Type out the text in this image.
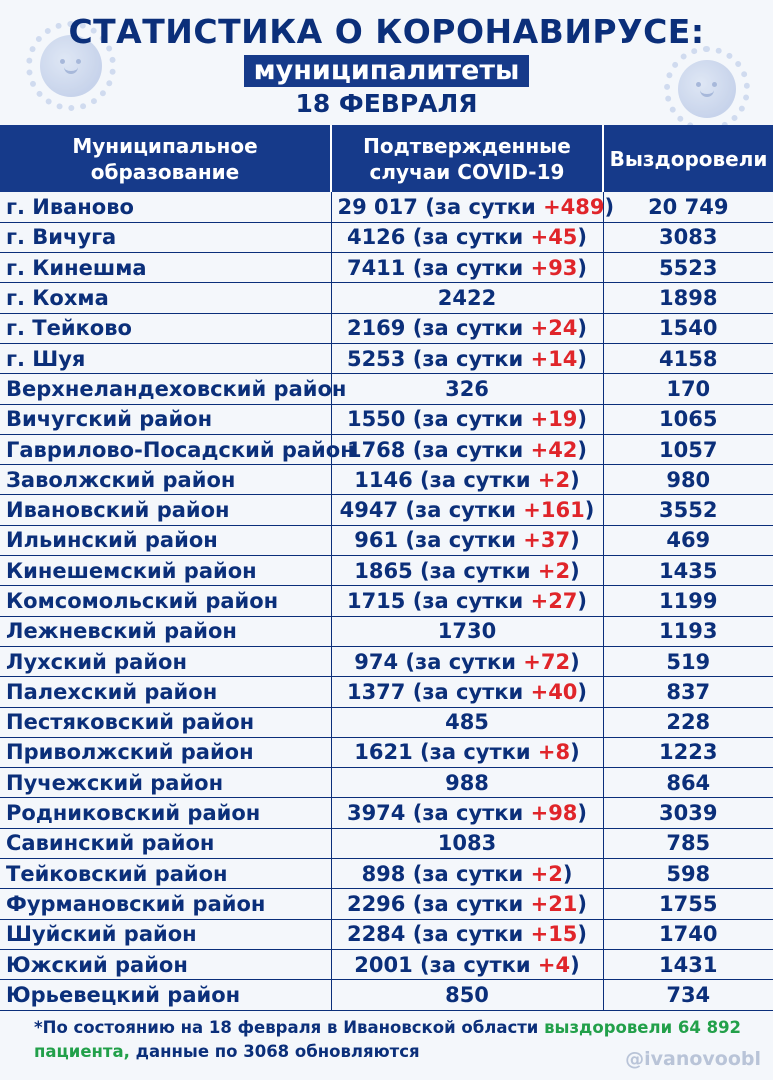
СТАТИСТИКА О КОРОНАВИРУСЕ:
муниципалитеты
18 ФЕВРАЛЯ
Муниципальное образование	Подтвержденные случаи COVID-19	Выздоровели
г. Иваново	29 017 (за сутки +489)	20 749
г. Вичуга	4126 (за сутки +45)	3083
г. Кинешма	7411 (за сутки +93)	5523
г. Кохма	2422	1898
г. Тейково	2169 (за сутки +24)	1540
г. Шуя	5253 (за сутки +14)	4158
Верхнеландеховский район	326	170
Вичугский район	1550 (за сутки +19)	1065
Гаврилово-Посадский район	1768 (за сутки +42)	1057
Заволжский район	1146 (за сутки +2)	980
Ивановский район	4947 (за сутки +161)	3552
Ильинский район	961 (за сутки +37)	469
Кинешемский район	1865 (за сутки +2)	1435
Комсомольский район	1715 (за сутки +27)	1199
Лежневский район	1730	1193
Лухский район	974 (за сутки +72)	519
Палехский район	1377 (за сутки +40)	837
Пестяковский район	485	228
Приволжский район	1621 (за сутки +8)	1223
Пучежский район	988	864
Родниковский район	3974 (за сутки +98)	3039
Савинский район	1083	785
Тейковский район	898 (за сутки +2)	598
Фурмановский район	2296 (за сутки +21)	1755
Шуйский район	2284 (за сутки +15)	1740
Южский район	2001 (за сутки +4)	1431
Юрьевецкий район	850	734
*По состоянию на 18 февраля в Ивановской области выздоровели 64 892 пациента, данные по 3068 обновляются	@ivanovoobl
